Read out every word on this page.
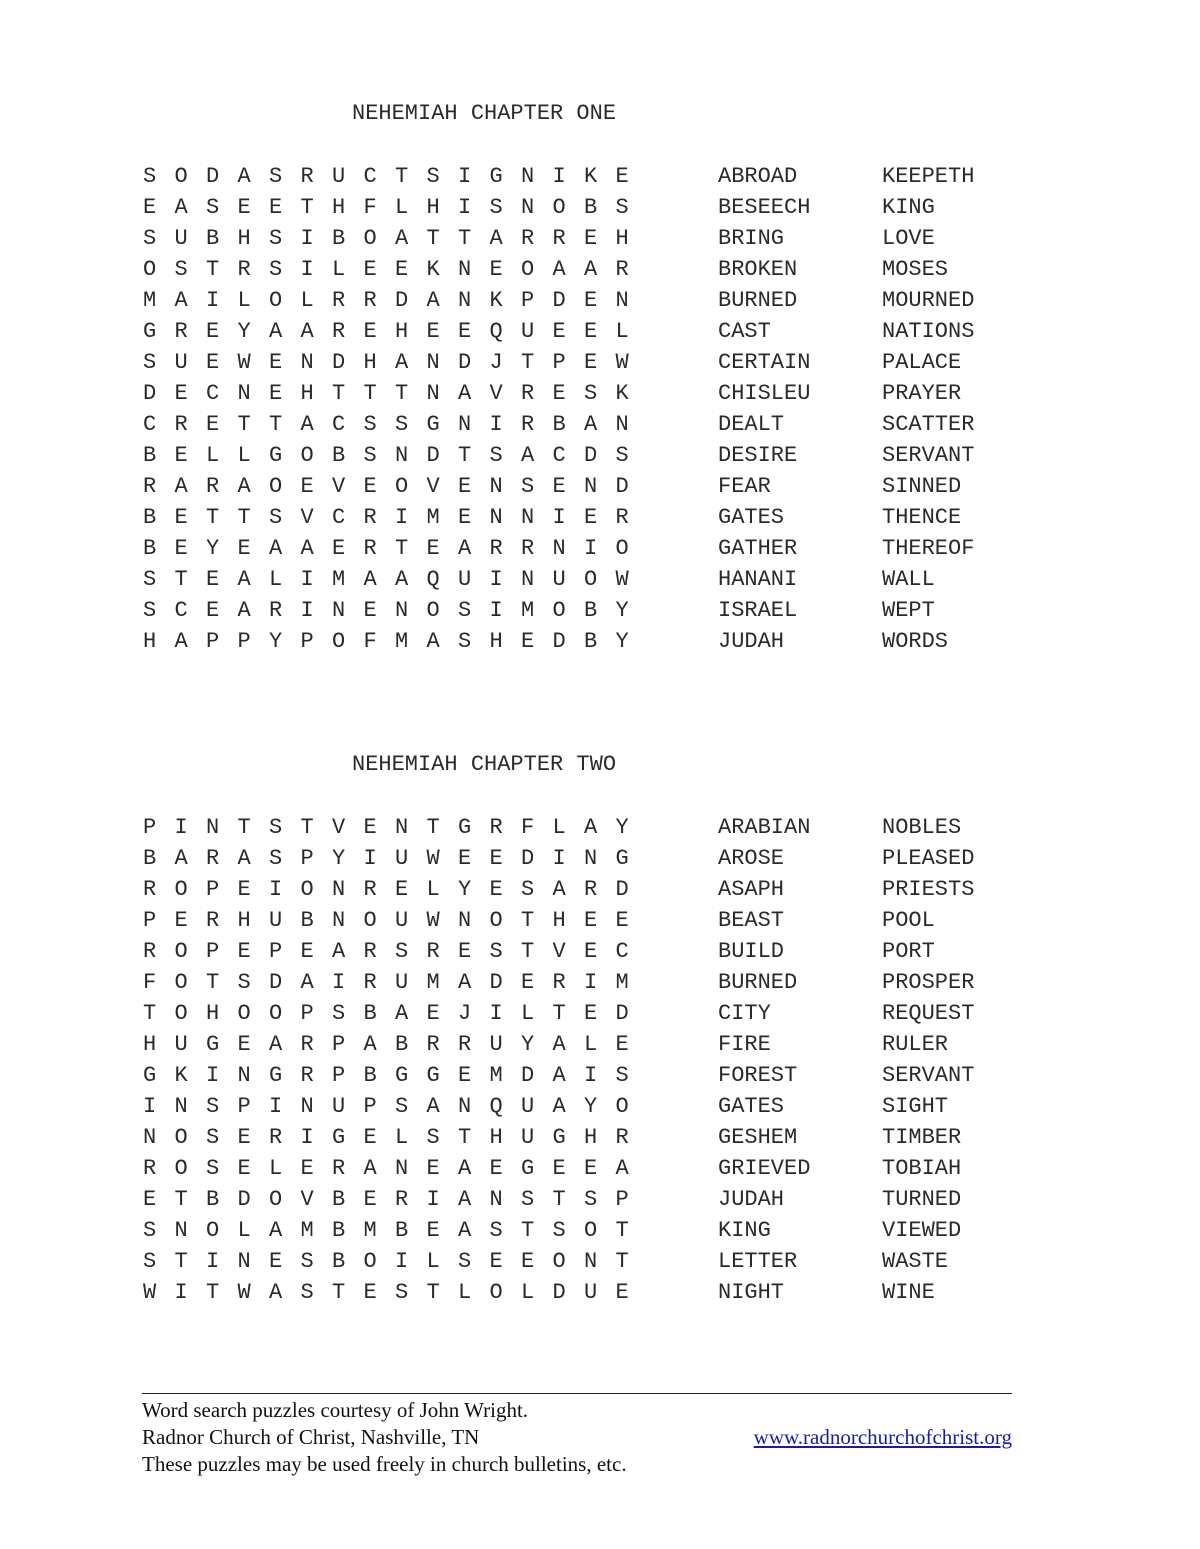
NEHEMIAH CHAPTER ONE
S O D A S R U C T S I G N I K E
E A S E E T H F L H I S N O B S
S U B H S I B O A T T A R R E H
O S T R S I L E E K N E O A A R
M A I L O L R R D A N K P D E N
G R E Y A A R E H E E Q U E E L
S U E W E N D H A N D J T P E W
D E C N E H T T T N A V R E S K
C R E T T A C S S G N I R B A N
B E L L G O B S N D T S A C D S
R A R A O E V E O V E N S E N D
B E T T S V C R I M E N N I E R
B E Y E A A E R T E A R R N I O
S T E A L I M A A Q U I N U O W
S C E A R I N E N O S I M O B Y
H A P P Y P O F M A S H E D B Y
ABROAD
BESEECH
BRING
BROKEN
BURNED
CAST
CERTAIN
CHISLEU
DEALT
DESIRE
FEAR
GATES
GATHER
HANANI
ISRAEL
JUDAH
KEEPETH
KING
LOVE
MOSES
MOURNED
NATIONS
PALACE
PRAYER
SCATTER
SERVANT
SINNED
THENCE
THEREOF
WALL
WEPT
WORDS
NEHEMIAH CHAPTER TWO
P I N T S T V E N T G R F L A Y
B A R A S P Y I U W E E D I N G
R O P E I O N R E L Y E S A R D
P E R H U B N O U W N O T H E E
R O P E P E A R S R E S T V E C
F O T S D A I R U M A D E R I M
T O H O O P S B A E J I L T E D
H U G E A R P A B R R U Y A L E
G K I N G R P B G G E M D A I S
I N S P I N U P S A N Q U A Y O
N O S E R I G E L S T H U G H R
R O S E L E R A N E A E G E E A
E T B D O V B E R I A N S T S P
S N O L A M B M B E A S T S O T
S T I N E S B O I L S E E O N T
W I T W A S T E S T L O L D U E
ARABIAN
AROSE
ASAPH
BEAST
BUILD
BURNED
CITY
FIRE
FOREST
GATES
GESHEM
GRIEVED
JUDAH
KING
LETTER
NIGHT
NOBLES
PLEASED
PRIESTS
POOL
PORT
PROSPER
REQUEST
RULER
SERVANT
SIGHT
TIMBER
TOBIAH
TURNED
VIEWED
WASTE
WINE
Word search puzzles courtesy of John Wright.
Radnor Church of Christ, Nashville, TN	www.radnorchurchofchrist.org
These puzzles may be used freely in church bulletins, etc.
